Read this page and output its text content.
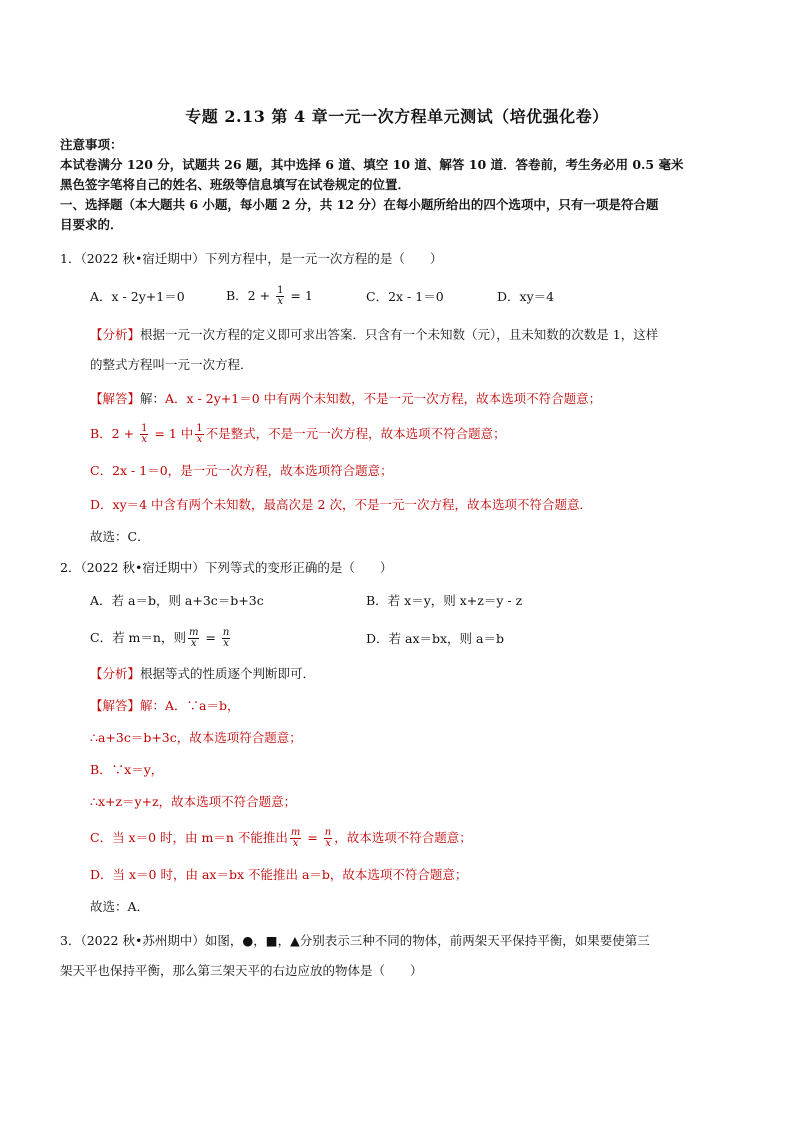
专题 2.13 第 4 章一元一次方程单元测试（培优强化卷）
注意事项：
本试卷满分 120 分，试题共 26 题，其中选择 6 道、填空 10 道、解答 10 道．答卷前，考生务必用 0.5 毫米
黑色签字笔将自己的姓名、班级等信息填写在试卷规定的位置．
一、选择题（本大题共 6 小题，每小题 2 分，共 12 分）在每小题所给出的四个选项中，只有一项是符合题
目要求的．
1．（2022 秋•宿迁期中）下列方程中，是一元一次方程的是（　　）
A．x - 2y+1＝0	B．$2 + \frac{1}{x} = 1$	C．2x - 1＝0	D．xy＝4
【分析】根据一元一次方程的定义即可求出答案．只含有一个未知数（元），且未知数的次数是 1，这样
的整式方程叫一元一次方程．
【解答】解：A．x - 2y+1＝0 中有两个未知数，不是一元一次方程，故本选项不符合题意；
B．$2 + \frac{1}{x} = 1$ 中 $\frac{1}{x}$ 不是整式，不是一元一次方程，故本选项不符合题意；
C．2x - 1＝0，是一元一次方程，故本选项符合题意；
D．xy＝4 中含有两个未知数，最高次是 2 次，不是一元一次方程，故本选项不符合题意．
故选：C．
2．（2022 秋•宿迁期中）下列等式的变形正确的是（　　）
A．若 a＝b，则 a+3c＝b+3c	B．若 x＝y，则 x+z＝y - z
C．若 m＝n，则 $\frac{m}{x} = \frac{n}{x}$	D．若 ax＝bx，则 a＝b
【分析】根据等式的性质逐个判断即可．
【解答】解：A．∵a＝b，
∴a+3c＝b+3c，故本选项符合题意；
B．∵x＝y，
∴x+z＝y+z，故本选项不符合题意；
C．当 x＝0 时，由 m＝n 不能推出 $\frac{m}{x} = \frac{n}{x}$ ，故本选项不符合题意；
D．当 x＝0 时，由 ax＝bx 不能推出 a＝b，故本选项不符合题意；
故选：A．
3．（2022 秋•苏州期中）如图，●，■，▲分别表示三种不同的物体，前两架天平保持平衡，如果要使第三
架天平也保持平衡，那么第三架天平的右边应放的物体是（　　）
